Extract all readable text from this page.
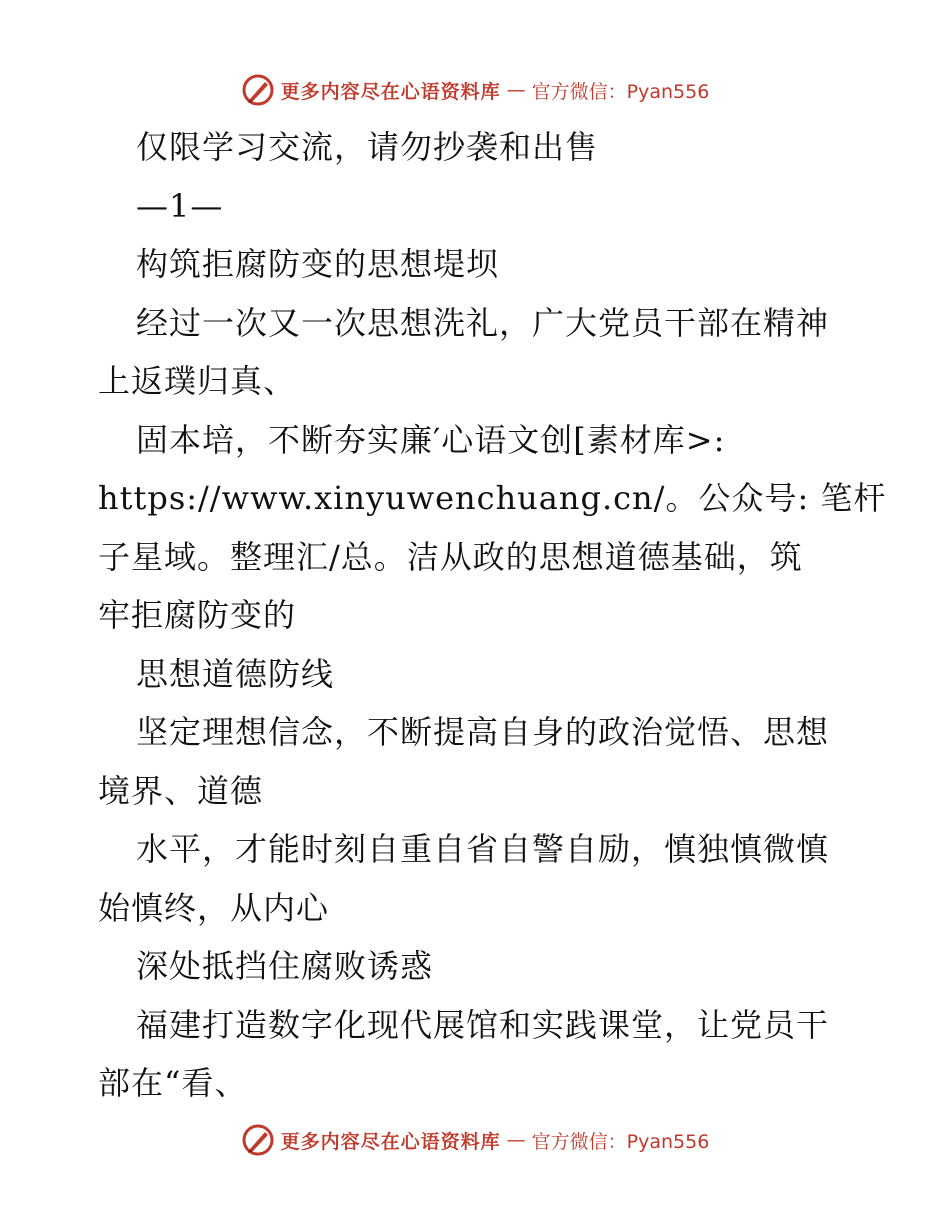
更多内容尽在心语资料库 — 官方微信：Pyan556
仅限学习交流，请勿抄袭和出售
—1—
构筑拒腐防变的思想堤坝
经过一次又一次思想洗礼，广大党员干部在精神
上返璞归真、
固本培，不断夯实廉′心语文创[素材库>:
https://www.xinyuwenchuang.cn/。公众号: 笔杆
子星域。整理汇/总。洁从政的思想道德基础，筑
牢拒腐防变的
思想道德防线
坚定理想信念，不断提高自身的政治觉悟、思想
境界、道德
水平，才能时刻自重自省自警自励，慎独慎微慎
始慎终，从内心
深处抵挡住腐败诱惑
福建打造数字化现代展馆和实践课堂，让党员干
部在“看、
更多内容尽在心语资料库 — 官方微信：Pyan556
